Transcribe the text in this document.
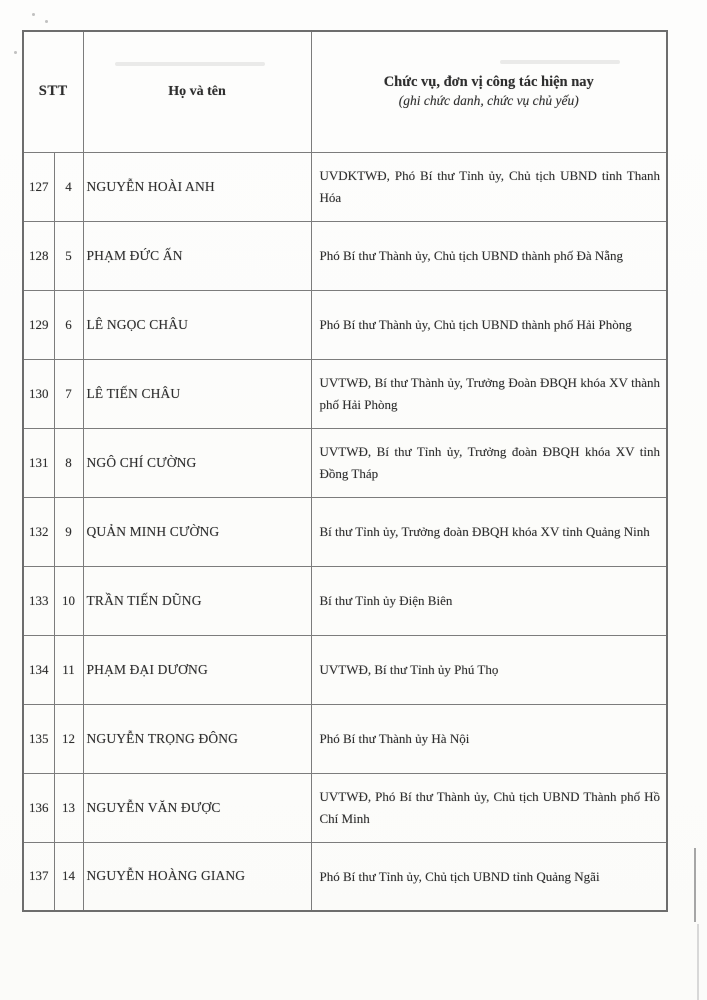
STT		Họ và tên	Chức vụ, đơn vị công tác hiện nay
(ghi chức danh, chức vụ chủ yếu)

127	4	NGUYỄN HOÀI ANH	UVDKTWĐ, Phó Bí thư Tỉnh ủy, Chủ tịch UBND tỉnh Thanh Hóa
128	5	PHẠM ĐỨC ẤN	Phó Bí thư Thành ủy, Chủ tịch UBND thành phố Đà Nẵng
129	6	LÊ NGỌC CHÂU	Phó Bí thư Thành ủy, Chủ tịch UBND thành phố Hải Phòng
130	7	LÊ TIẾN CHÂU	UVTWĐ, Bí thư Thành ủy, Trưởng Đoàn ĐBQH khóa XV thành phố Hải Phòng
131	8	NGÔ CHÍ CƯỜNG	UVTWĐ, Bí thư Tỉnh ủy, Trưởng đoàn ĐBQH khóa XV tỉnh Đồng Tháp
132	9	QUẢN MINH CƯỜNG	Bí thư Tỉnh ủy, Trưởng đoàn ĐBQH khóa XV tỉnh Quảng Ninh
133	10	TRẦN TIẾN DŨNG	Bí thư Tỉnh ủy Điện Biên
134	11	PHẠM ĐẠI DƯƠNG	UVTWĐ, Bí thư Tỉnh ủy Phú Thọ
135	12	NGUYỄN TRỌNG ĐÔNG	Phó Bí thư Thành ủy Hà Nội
136	13	NGUYỄN VĂN ĐƯỢC	UVTWĐ, Phó Bí thư Thành ủy, Chủ tịch UBND Thành phố Hồ Chí Minh
137	14	NGUYỄN HOÀNG GIANG	Phó Bí thư Tỉnh ủy, Chủ tịch UBND tỉnh Quảng Ngãi
